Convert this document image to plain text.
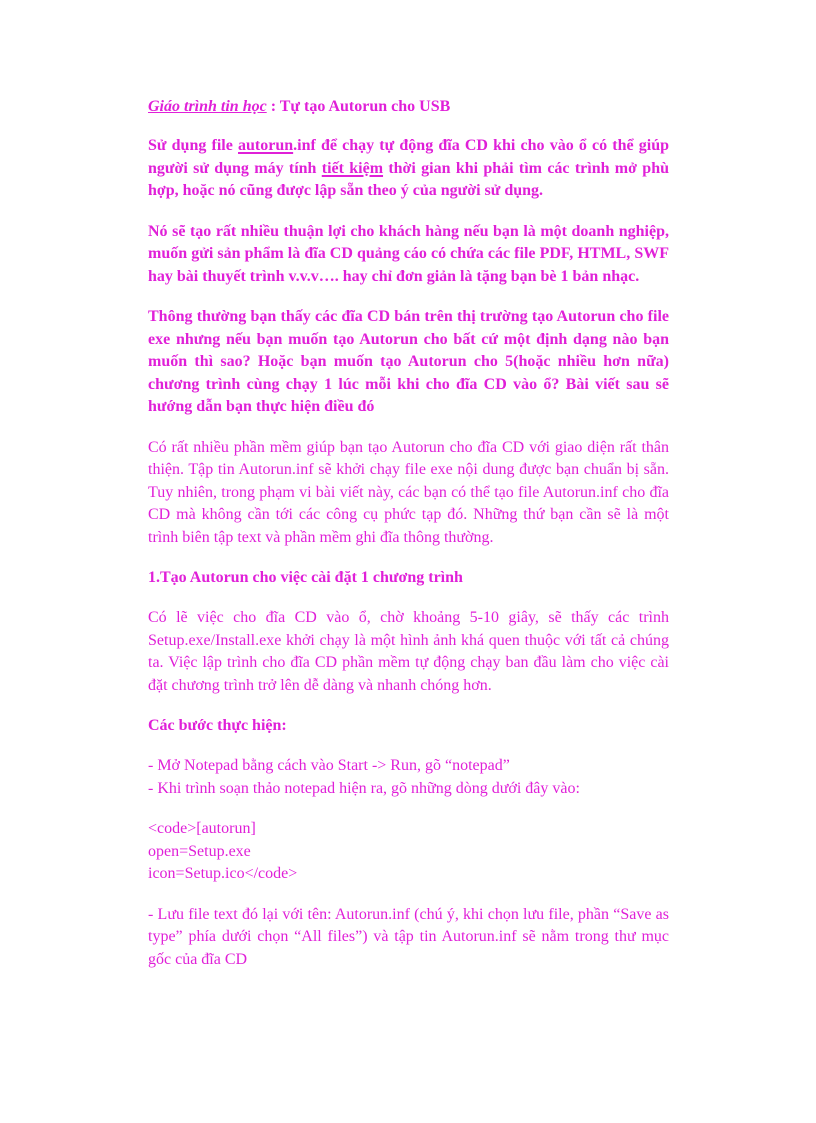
Giáo trình tin học : Tự tạo Autorun cho USB

Sử dụng file autorun.inf để chạy tự động đĩa CD khi cho vào ổ có thể giúp người sử dụng máy tính tiết kiệm thời gian khi phải tìm các trình mở phù hợp, hoặc nó cũng được lập sẵn theo ý của người sử dụng.

Nó sẽ tạo rất nhiều thuận lợi cho khách hàng nếu bạn là một doanh nghiệp, muốn gửi sản phẩm là đĩa CD quảng cáo có chứa các file PDF, HTML, SWF hay bài thuyết trình v.v.v…. hay chỉ đơn giản là tặng bạn bè 1 bản nhạc.

Thông thường bạn thấy các đĩa CD bán trên thị trường tạo Autorun cho file exe nhưng nếu bạn muốn tạo Autorun cho bất cứ một định dạng nào bạn muốn thì sao? Hoặc bạn muốn tạo Autorun cho 5(hoặc nhiều hơn nữa) chương trình cùng chạy 1 lúc mỗi khi cho đĩa CD vào ổ? Bài viết sau sẽ hướng dẫn bạn thực hiện điều đó

Có rất nhiều phần mềm giúp bạn tạo Autorun cho đĩa CD với giao diện rất thân thiện. Tập tin Autorun.inf sẽ khởi chạy file exe nội dung được bạn chuẩn bị sẵn. Tuy nhiên, trong phạm vi bài viết này, các bạn có thể tạo file Autorun.inf cho đĩa CD mà không cần tới các công cụ phức tạp đó. Những thứ bạn cần sẽ là một trình biên tập text và phần mềm ghi đĩa thông thường.

1.Tạo Autorun cho việc cài đặt 1 chương trình

Có lẽ việc cho đĩa CD vào ổ, chờ khoảng 5-10 giây, sẽ thấy các trình Setup.exe/Install.exe khởi chạy là một hình ảnh khá quen thuộc với tất cả chúng ta. Việc lập trình cho đĩa CD phần mềm tự động chạy ban đầu làm cho việc cài đặt chương trình trở lên dễ dàng và nhanh chóng hơn.

Các bước thực hiện:

- Mở Notepad bằng cách vào Start -> Run, gõ “notepad”
- Khi trình soạn thảo notepad hiện ra, gõ những dòng dưới đây vào:
<code>[autorun]
open=Setup.exe
icon=Setup.ico</code>

- Lưu file text đó lại với tên: Autorun.inf (chú ý, khi chọn lưu file, phần “Save as type” phía dưới chọn “All files”) và tập tin Autorun.inf sẽ nằm trong thư mục gốc của đĩa CD
